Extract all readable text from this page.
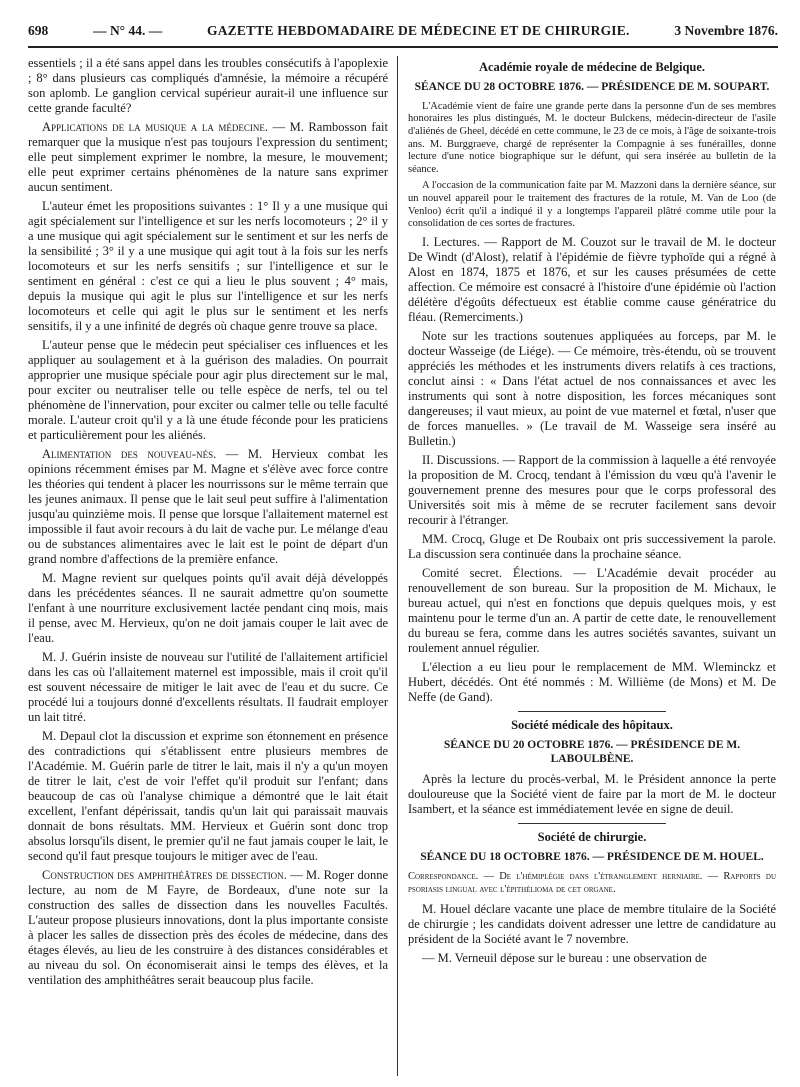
698	— N° 44. —	GAZETTE HEBDOMADAIRE DE MÉDECINE ET DE CHIRURGIE.	3 Novembre 1876.

essentiels ; il a été sans appel dans les troubles consécutifs à l'apoplexie ; 8° dans plusieurs cas compliqués d'amnésie, la mémoire a récupéré son aplomb. Le ganglion cervical supérieur aurait-il une influence sur cette grande faculté?

Applications de la musique a la médecine. — M. Rambosson fait remarquer que la musique n'est pas toujours l'expression du sentiment; elle peut simplement exprimer le nombre, la mesure, le mouvement; elle peut exprimer certains phénomènes de la nature sans exprimer aucun sentiment.

L'auteur émet les propositions suivantes : 1° Il y a une musique qui agit spécialement sur l'intelligence et sur les nerfs locomoteurs ; 2° il y a une musique qui agit spécialement sur le sentiment et sur les nerfs de la sensibilité ; 3° il y a une musique qui agit tout à la fois sur les nerfs locomoteurs et sur les nerfs sensitifs ; sur l'intelligence et sur le sentiment en général : c'est ce qui a lieu le plus souvent ; 4° mais, depuis la musique qui agit le plus sur l'intelligence et sur les nerfs locomoteurs et celle qui agit le plus sur le sentiment et les nerfs sensitifs, il y a une infinité de degrés où chaque genre trouve sa place.

L'auteur pense que le médecin peut spécialiser ces influences et les appliquer au soulagement et à la guérison des maladies. On pourrait approprier une musique spéciale pour agir plus directement sur le mal, pour exciter ou neutraliser telle ou telle espèce de nerfs, tel ou tel phénomène de l'innervation, pour exciter ou calmer telle ou telle faculté morale. L'auteur croit qu'il y a là une étude féconde pour les praticiens et particulièrement pour les aliénés.

Alimentation des nouveau-nés. — M. Hervieux combat les opinions récemment émises par M. Magne et s'élève avec force contre les théories qui tendent à placer les nourrissons sur le même terrain que les jeunes animaux. Il pense que le lait seul peut suffire à l'alimentation jusqu'au quinzième mois. Il pense que lorsque l'allaitement maternel est impossible il faut avoir recours à du lait de vache pur. Le mélange d'eau ou de substances alimentaires avec le lait est le point de départ d'un grand nombre d'affections de la première enfance.

M. Magne revient sur quelques points qu'il avait déjà développés dans les précédentes séances. Il ne saurait admettre qu'on soumette l'enfant à une nourriture exclusivement lactée pendant cinq mois, mais il pense, avec M. Hervieux, qu'on ne doit jamais couper le lait avec de l'eau.

M. J. Guérin insiste de nouveau sur l'utilité de l'allaitement artificiel dans les cas où l'allaitement maternel est impossible, mais il croit qu'il est souvent nécessaire de mitiger le lait avec de l'eau et du sucre. Ce procédé lui a toujours donné d'excellents résultats. Il faudrait employer un lait titré.

M. Depaul clot la discussion et exprime son étonnement en présence des contradictions qui s'établissent entre plusieurs membres de l'Académie. M. Guérin parle de titrer le lait, mais il n'y a qu'un moyen de titrer le lait, c'est de voir l'effet qu'il produit sur l'enfant; dans beaucoup de cas où l'analyse chimique a démontré que le lait était excellent, l'enfant dépérissait, tandis qu'un lait qui paraissait mauvais donnait de bons résultats. MM. Hervieux et Guérin sont donc trop absolus lorsqu'ils disent, le premier qu'il ne faut jamais couper le lait, le second qu'il faut presque toujours le mitiger avec de l'eau.

Construction des amphithéâtres de dissection. — M. Roger donne lecture, au nom de M Fayre, de Bordeaux, d'une note sur la construction des salles de dissection dans les nouvelles Facultés. L'auteur propose plusieurs innovations, dont la plus importante consiste à placer les salles de dissection près des écoles de médecine, dans des étages élevés, au lieu de les construire à des distances considérables et au niveau du sol. On économiserait ainsi le temps des élèves, et la ventilation des amphithéâtres serait beaucoup plus facile.

Académie royale de médecine de Belgique.
SÉANCE DU 28 OCTOBRE 1876. — PRÉSIDENCE DE M. SOUPART.

L'Académie vient de faire une grande perte dans la personne d'un de ses membres honoraires les plus distingués, M. le docteur Bulckens, médecin-directeur de l'asile d'aliénés de Gheel, décédé en cette commune, le 23 de ce mois, à l'âge de soixante-trois ans. M. Burggraeve, chargé de représenter la Compagnie à ses funérailles, donne lecture d'une notice biographique sur le défunt, qui sera insérée au bulletin de la séance.

A l'occasion de la communication faite par M. Mazzoni dans la dernière séance, sur un nouvel appareil pour le traitement des fractures de la rotule, M. Van de Loo (de Venloo) écrit qu'il a indiqué il y a longtemps l'appareil plâtré comme utile pour la consolidation de ces sortes de fractures.

I. Lectures. — Rapport de M. Couzot sur le travail de M. le docteur De Windt (d'Alost), relatif à l'épidémie de fièvre typhoïde qui a régné à Alost en 1874, 1875 et 1876, et sur les causes présumées de cette affection. Ce mémoire est consacré à l'histoire d'une épidémie où l'action délétère d'égoûts défectueux est établie comme cause génératrice du fléau. (Remerciments.)

Note sur les tractions soutenues appliquées au forceps, par M. le docteur Wasseige (de Liége). — Ce mémoire, très-étendu, où se trouvent appréciés les méthodes et les instruments divers relatifs à ces tractions, conclut ainsi : « Dans l'état actuel de nos connaissances et avec les instruments qui sont à notre disposition, les forces mécaniques sont dangereuses; il vaut mieux, au point de vue maternel et fœtal, n'user que de forces manuelles. » (Le travail de M. Wasseige sera inséré au Bulletin.)

II. Discussions. — Rapport de la commission à laquelle a été renvoyée la proposition de M. Crocq, tendant à l'émission du vœu qu'à l'avenir le gouvernement prenne des mesures pour que le corps professoral des Universités soit mis à même de se recruter facilement sans devoir recourir à l'étranger.

MM. Crocq, Gluge et De Roubaix ont pris successivement la parole. La discussion sera continuée dans la prochaine séance.

Comité secret. Élections. — L'Académie devait procéder au renouvellement de son bureau. Sur la proposition de M. Michaux, le bureau actuel, qui n'est en fonctions que depuis quelques mois, y est maintenu pour le terme d'un an. A partir de cette date, le renouvellement du bureau se fera, comme dans les autres sociétés savantes, suivant un roulement annuel régulier.

L'élection a eu lieu pour le remplacement de MM. Wleminckz et Hubert, décédés. Ont été nommés : M. Willième (de Mons) et M. De Neffe (de Gand).

Société médicale des hôpitaux.
SÉANCE DU 20 OCTOBRE 1876. — PRÉSIDENCE DE M. LABOULBÈNE.

Après la lecture du procès-verbal, M. le Président annonce la perte douloureuse que la Société vient de faire par la mort de M. le docteur Isambert, et la séance est immédiatement levée en signe de deuil.

Société de chirurgie.
SÉANCE DU 18 OCTOBRE 1876. — PRÉSIDENCE DE M. HOUEL.

Correspondance. — De l'hémiplégie dans l'étranglement herniaire. — Rapports du psoriasis lingual avec l'épithélioma de cet organe.

M. Houel déclare vacante une place de membre titulaire de la Société de chirurgie ; les candidats doivent adresser une lettre de candidature au président de la Société avant le 7 novembre.

— M. Verneuil dépose sur le bureau : une observation de
